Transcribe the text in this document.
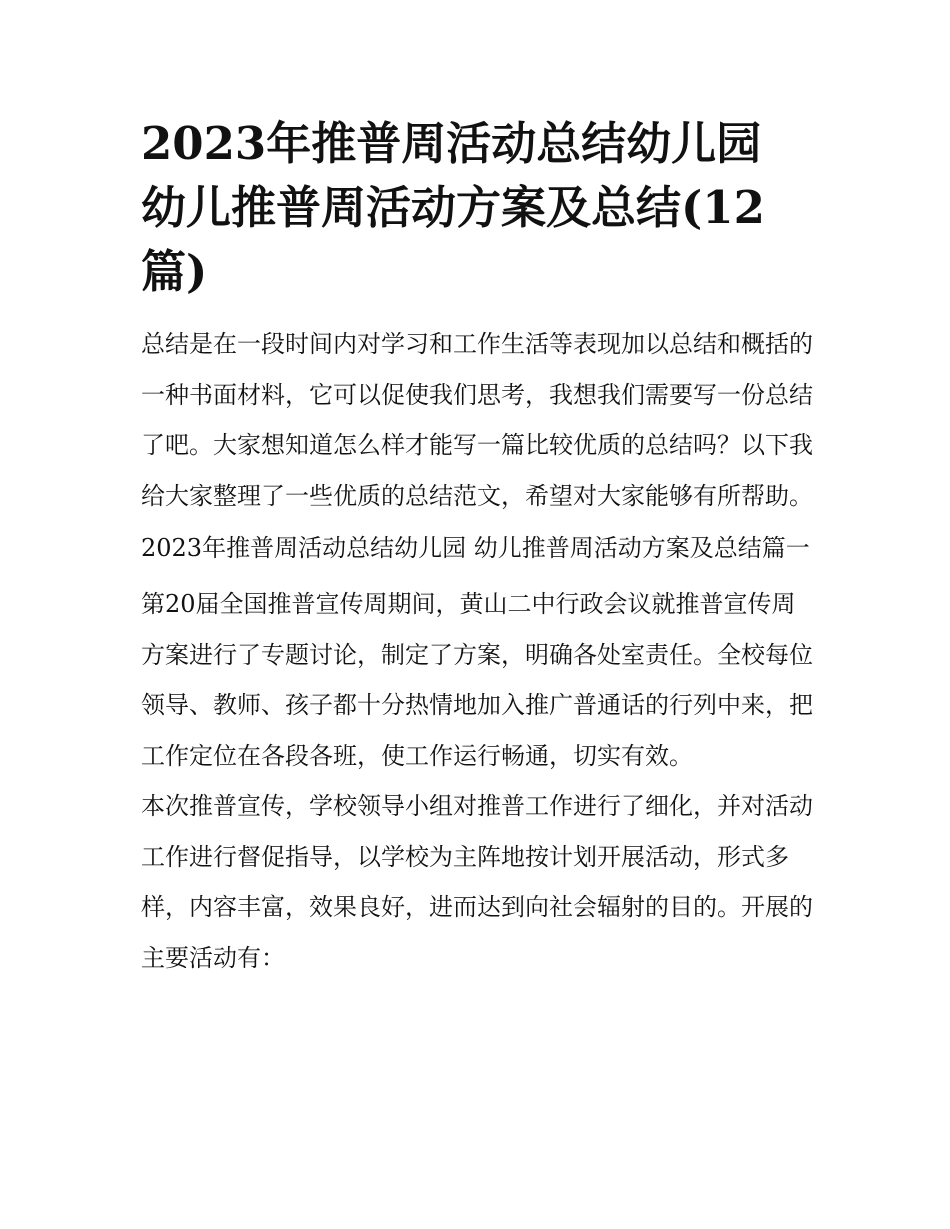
2023年推普周活动总结幼儿园 幼儿推普周活动方案及总结(12篇)

总结是在一段时间内对学习和工作生活等表现加以总结和概括的一种书面材料，它可以促使我们思考，我想我们需要写一份总结了吧。大家想知道怎么样才能写一篇比较优质的总结吗？以下我给大家整理了一些优质的总结范文，希望对大家能够有所帮助。

2023年推普周活动总结幼儿园 幼儿推普周活动方案及总结篇一

第20届全国推普宣传周期间，黄山二中行政会议就推普宣传周方案进行了专题讨论，制定了方案，明确各处室责任。全校每位领导、教师、孩子都十分热情地加入推广普通话的行列中来，把工作定位在各段各班，使工作运行畅通，切实有效。

本次推普宣传，学校领导小组对推普工作进行了细化，并对活动工作进行督促指导，以学校为主阵地按计划开展活动，形式多样，内容丰富，效果良好，进而达到向社会辐射的目的。开展的主要活动有：
